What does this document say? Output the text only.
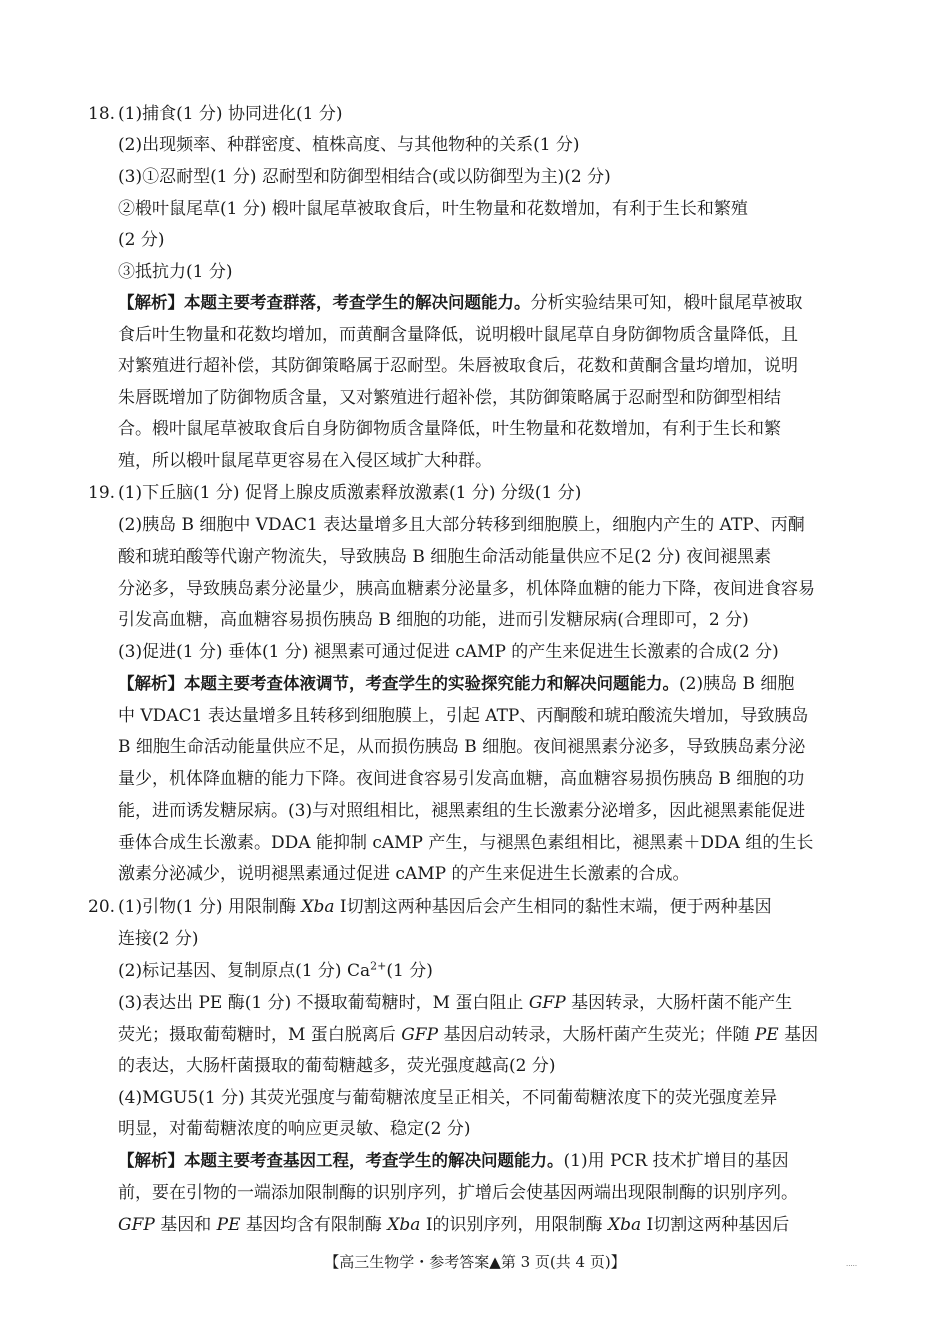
18. (1)捕食(1 分) 协同进化(1 分)
(2)出现频率、种群密度、植株高度、与其他物种的关系(1 分)
(3)①忍耐型(1 分) 忍耐型和防御型相结合(或以防御型为主)(2 分)
②椴叶鼠尾草(1 分) 椴叶鼠尾草被取食后，叶生物量和花数增加，有利于生长和繁殖
(2 分)
③抵抗力(1 分)
【解析】本题主要考查群落，考查学生的解决问题能力。分析实验结果可知，椴叶鼠尾草被取
食后叶生物量和花数均增加，而黄酮含量降低，说明椴叶鼠尾草自身防御物质含量降低，且
对繁殖进行超补偿，其防御策略属于忍耐型。朱唇被取食后，花数和黄酮含量均增加，说明
朱唇既增加了防御物质含量，又对繁殖进行超补偿，其防御策略属于忍耐型和防御型相结
合。椴叶鼠尾草被取食后自身防御物质含量降低，叶生物量和花数增加，有利于生长和繁
殖，所以椴叶鼠尾草更容易在入侵区域扩大种群。
19. (1)下丘脑(1 分) 促肾上腺皮质激素释放激素(1 分) 分级(1 分)
(2)胰岛 B 细胞中 VDAC1 表达量增多且大部分转移到细胞膜上，细胞内产生的 ATP、丙酮
酸和琥珀酸等代谢产物流失，导致胰岛 B 细胞生命活动能量供应不足(2 分) 夜间褪黑素
分泌多，导致胰岛素分泌量少，胰高血糖素分泌量多，机体降血糖的能力下降，夜间进食容易
引发高血糖，高血糖容易损伤胰岛 B 细胞的功能，进而引发糖尿病(合理即可，2 分)
(3)促进(1 分) 垂体(1 分) 褪黑素可通过促进 cAMP 的产生来促进生长激素的合成(2 分)
【解析】本题主要考查体液调节，考查学生的实验探究能力和解决问题能力。(2)胰岛 B 细胞
中 VDAC1 表达量增多且转移到细胞膜上，引起 ATP、丙酮酸和琥珀酸流失增加，导致胰岛
B 细胞生命活动能量供应不足，从而损伤胰岛 B 细胞。夜间褪黑素分泌多，导致胰岛素分泌
量少，机体降血糖的能力下降。夜间进食容易引发高血糖，高血糖容易损伤胰岛 B 细胞的功
能，进而诱发糖尿病。(3)与对照组相比，褪黑素组的生长激素分泌增多，因此褪黑素能促进
垂体合成生长激素。DDA 能抑制 cAMP 产生，与褪黑色素组相比，褪黑素＋DDA 组的生长
激素分泌减少，说明褪黑素通过促进 cAMP 的产生来促进生长激素的合成。
20. (1)引物(1 分) 用限制酶 Xba Ⅰ切割这两种基因后会产生相同的黏性末端，便于两种基因
连接(2 分)
(2)标记基因、复制原点(1 分) $Ca^{2+}(1$ 分)
(3)表达出 PE 酶(1 分) 不摄取葡萄糖时，M 蛋白阻止 GFP 基因转录，大肠杆菌不能产生
荧光；摄取葡萄糖时，M 蛋白脱离后 GFP 基因启动转录，大肠杆菌产生荧光；伴随 PE 基因
的表达，大肠杆菌摄取的葡萄糖越多，荧光强度越高(2 分)
(4)MGU5(1 分) 其荧光强度与葡萄糖浓度呈正相关，不同葡萄糖浓度下的荧光强度差异
明显，对葡萄糖浓度的响应更灵敏、稳定(2 分)
【解析】本题主要考查基因工程，考查学生的解决问题能力。(1)用 PCR 技术扩增目的基因
前，要在引物的一端添加限制酶的识别序列，扩增后会使基因两端出现限制酶的识别序列。
GFP 基因和 PE 基因均含有限制酶 Xba Ⅰ的识别序列，用限制酶 Xba Ⅰ切割这两种基因后
【高三生物学・参考答案▲第 3 页(共 4 页)】	·····
